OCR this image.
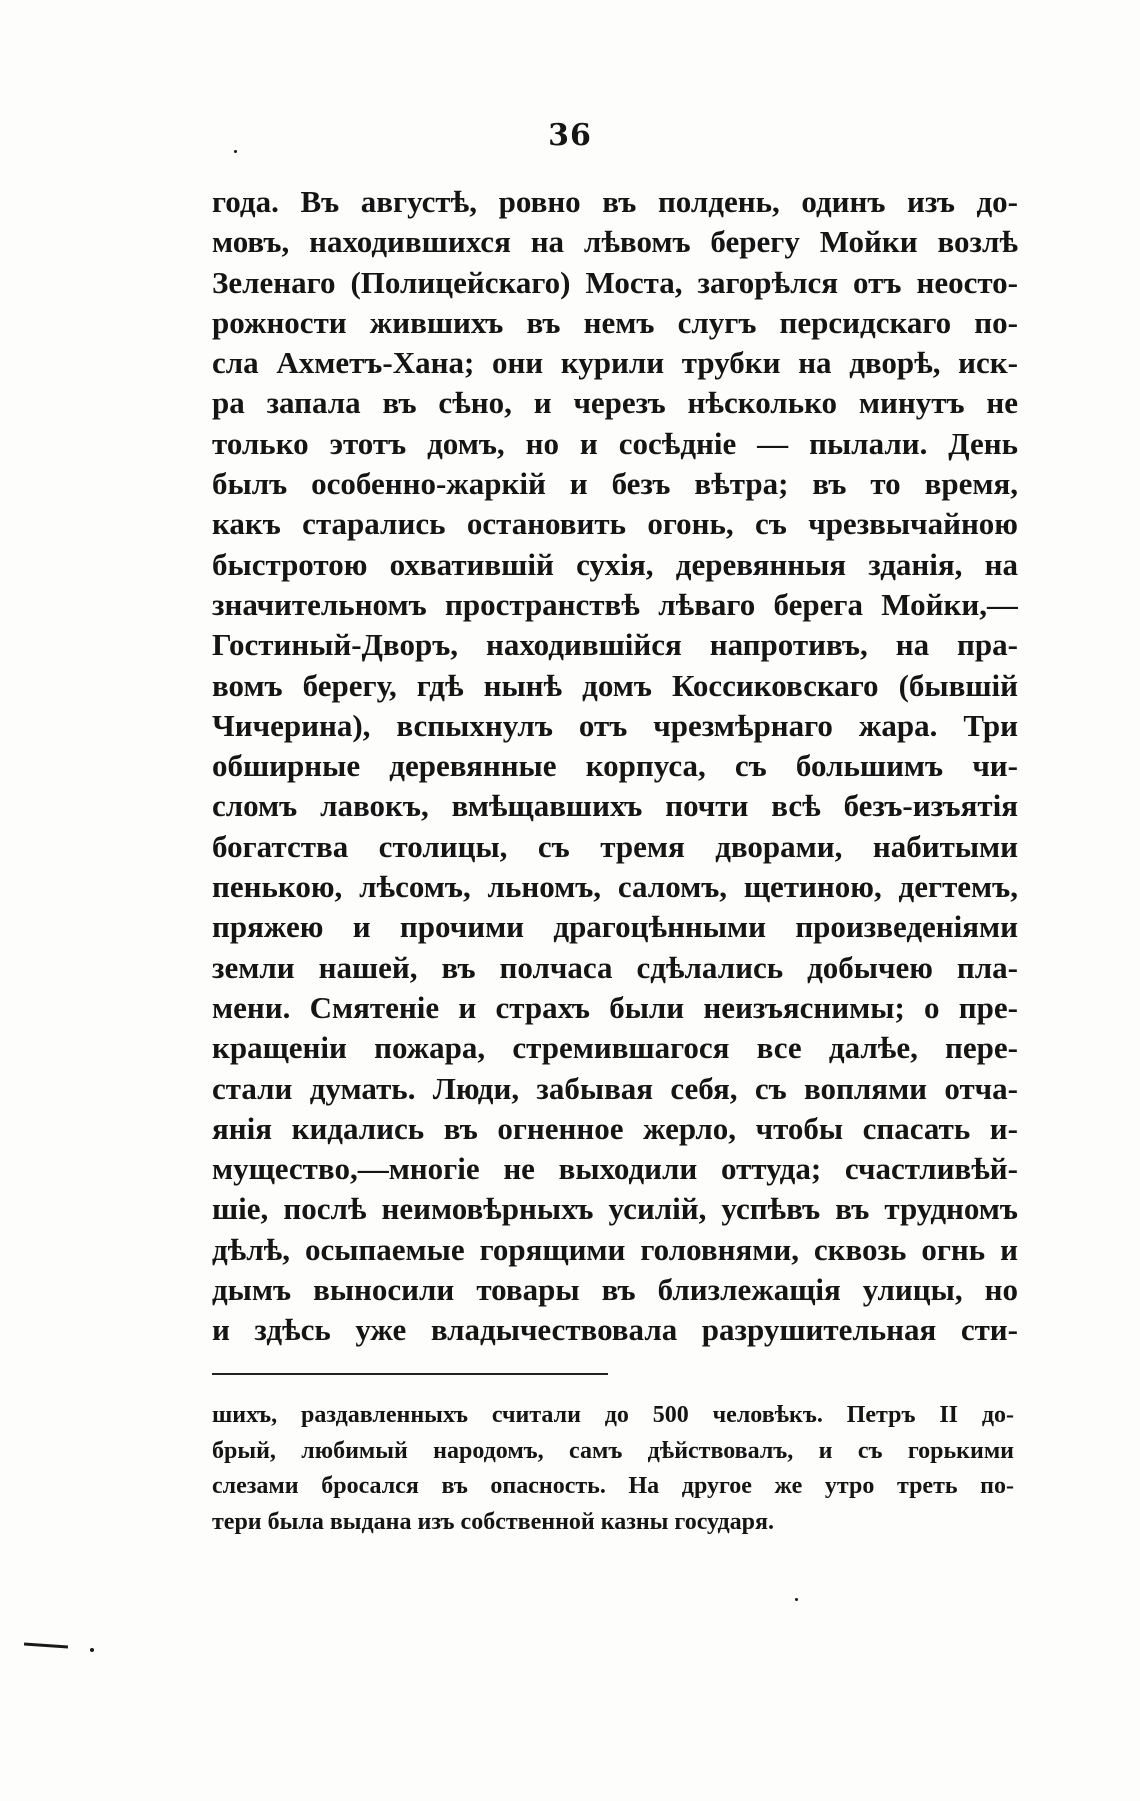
36
года. Въ августѣ, ровно въ полдень, одинъ изъ до-
мовъ, находившихся на лѣвомъ берегу Мойки возлѣ
Зеленаго (Полицейскаго) Моста, загорѣлся отъ неосто-
рожности жившихъ въ немъ слугъ персидскаго по-
сла Ахметъ-Хана; они курили трубки на дворѣ, иск-
ра запала въ сѣно, и черезъ нѣсколько минутъ не
только этотъ домъ, но и сосѣдніе — пылали. День
былъ особенно-жаркій и безъ вѣтра; въ то время,
какъ старались остановить огонь, съ чрезвычайною
быстротою охватившій сухія, деревянныя зданія, на
значительномъ пространствѣ лѣваго берега Мойки,—
Гостиный-Дворъ, находившійся напротивъ, на пра-
вомъ берегу, гдѣ нынѣ домъ Коссиковскаго (бывшій
Чичерина), вспыхнулъ отъ чрезмѣрнаго жара. Три
обширные деревянные корпуса, съ большимъ чи-
сломъ лавокъ, вмѣщавшихъ почти всѣ безъ-изъятія
богатства столицы, съ тремя дворами, набитыми
пенькою, лѣсомъ, льномъ, саломъ, щетиною, дегтемъ,
пряжею и прочими драгоцѣнными произведеніями
земли нашей, въ полчаса сдѣлались добычею пла-
мени. Смятеніе и страхъ были неизъяснимы; о пре-
кращеніи пожара, стремившагося все далѣе, пере-
стали думать. Люди, забывая себя, съ воплями отча-
янія кидались въ огненное жерло, чтобы спасать и-
мущество,—многіе не выходили оттуда; счастливѣй-
шіе, послѣ неимовѣрныхъ усилій, успѣвъ въ трудномъ
дѣлѣ, осыпаемые горящими головнями, сквозь огнь и
дымъ выносили товары въ близлежащія улицы, но
и здѣсь уже владычествовала разрушительная сти-
шихъ, раздавленныхъ считали до 500 человѣкъ. Петръ II до-
брый, любимый народомъ, самъ дѣйствовалъ, и съ горькими
слезами бросался въ опасность. На другое же утро треть по-
тери была выдана изъ собственной казны государя.
